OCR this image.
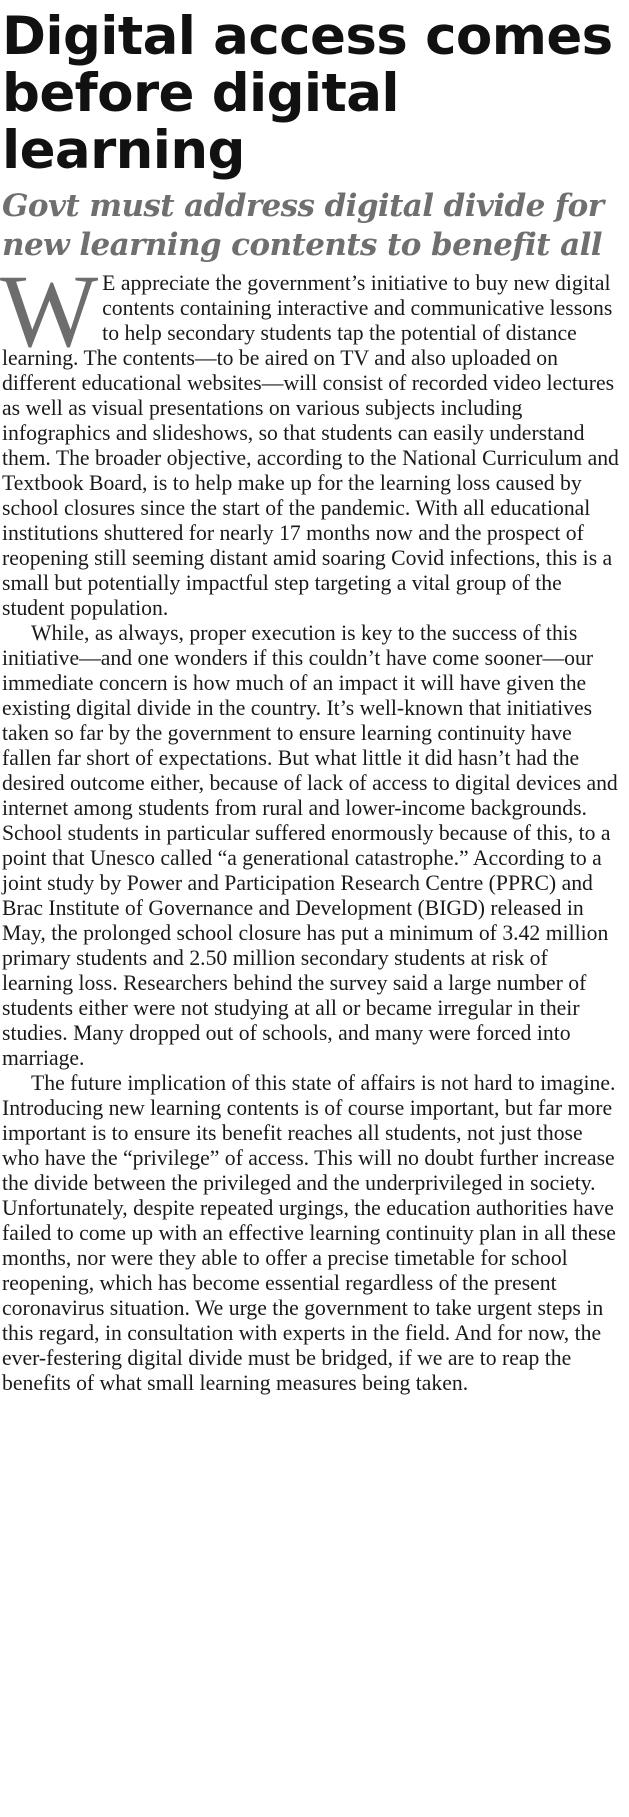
Digital access comes before digital learning
Govt must address digital divide for new learning contents to benefit all

W E appreciate the government’s initiative to buy new digital contents containing interactive and communicative lessons to help secondary students tap the potential of distance learning. The contents—to be aired on TV and also uploaded on different educational websites—will consist of recorded video lectures as well as visual presentations on various subjects including infographics and slideshows, so that students can easily understand them. The broader objective, according to the National Curriculum and Textbook Board, is to help make up for the learning loss caused by school closures since the start of the pandemic. With all educational institutions shuttered for nearly 17 months now and the prospect of reopening still seeming distant amid soaring Covid infections, this is a small but potentially impactful step targeting a vital group of the student population.

While, as always, proper execution is key to the success of this initiative—and one wonders if this couldn’t have come sooner—our immediate concern is how much of an impact it will have given the existing digital divide in the country. It’s well-known that initiatives taken so far by the government to ensure learning continuity have fallen far short of expectations. But what little it did hasn’t had the desired outcome either, because of lack of access to digital devices and internet among students from rural and lower-income backgrounds. School students in particular suffered enormously because of this, to a point that Unesco called “a generational catastrophe.” According to a joint study by Power and Participation Research Centre (PPRC) and Brac Institute of Governance and Development (BIGD) released in May, the prolonged school closure has put a minimum of 3.42 million primary students and 2.50 million secondary students at risk of learning loss. Researchers behind the survey said a large number of students either were not studying at all or became irregular in their studies. Many dropped out of schools, and many were forced into marriage.

The future implication of this state of affairs is not hard to imagine. Introducing new learning contents is of course important, but far more important is to ensure its benefit reaches all students, not just those who have the “privilege” of access. This will no doubt further increase the divide between the privileged and the underprivileged in society. Unfortunately, despite repeated urgings, the education authorities have failed to come up with an effective learning continuity plan in all these months, nor were they able to offer a precise timetable for school reopening, which has become essential regardless of the present coronavirus situation. We urge the government to take urgent steps in this regard, in consultation with experts in the field. And for now, the ever-festering digital divide must be bridged, if we are to reap the benefits of what small learning measures being taken.
